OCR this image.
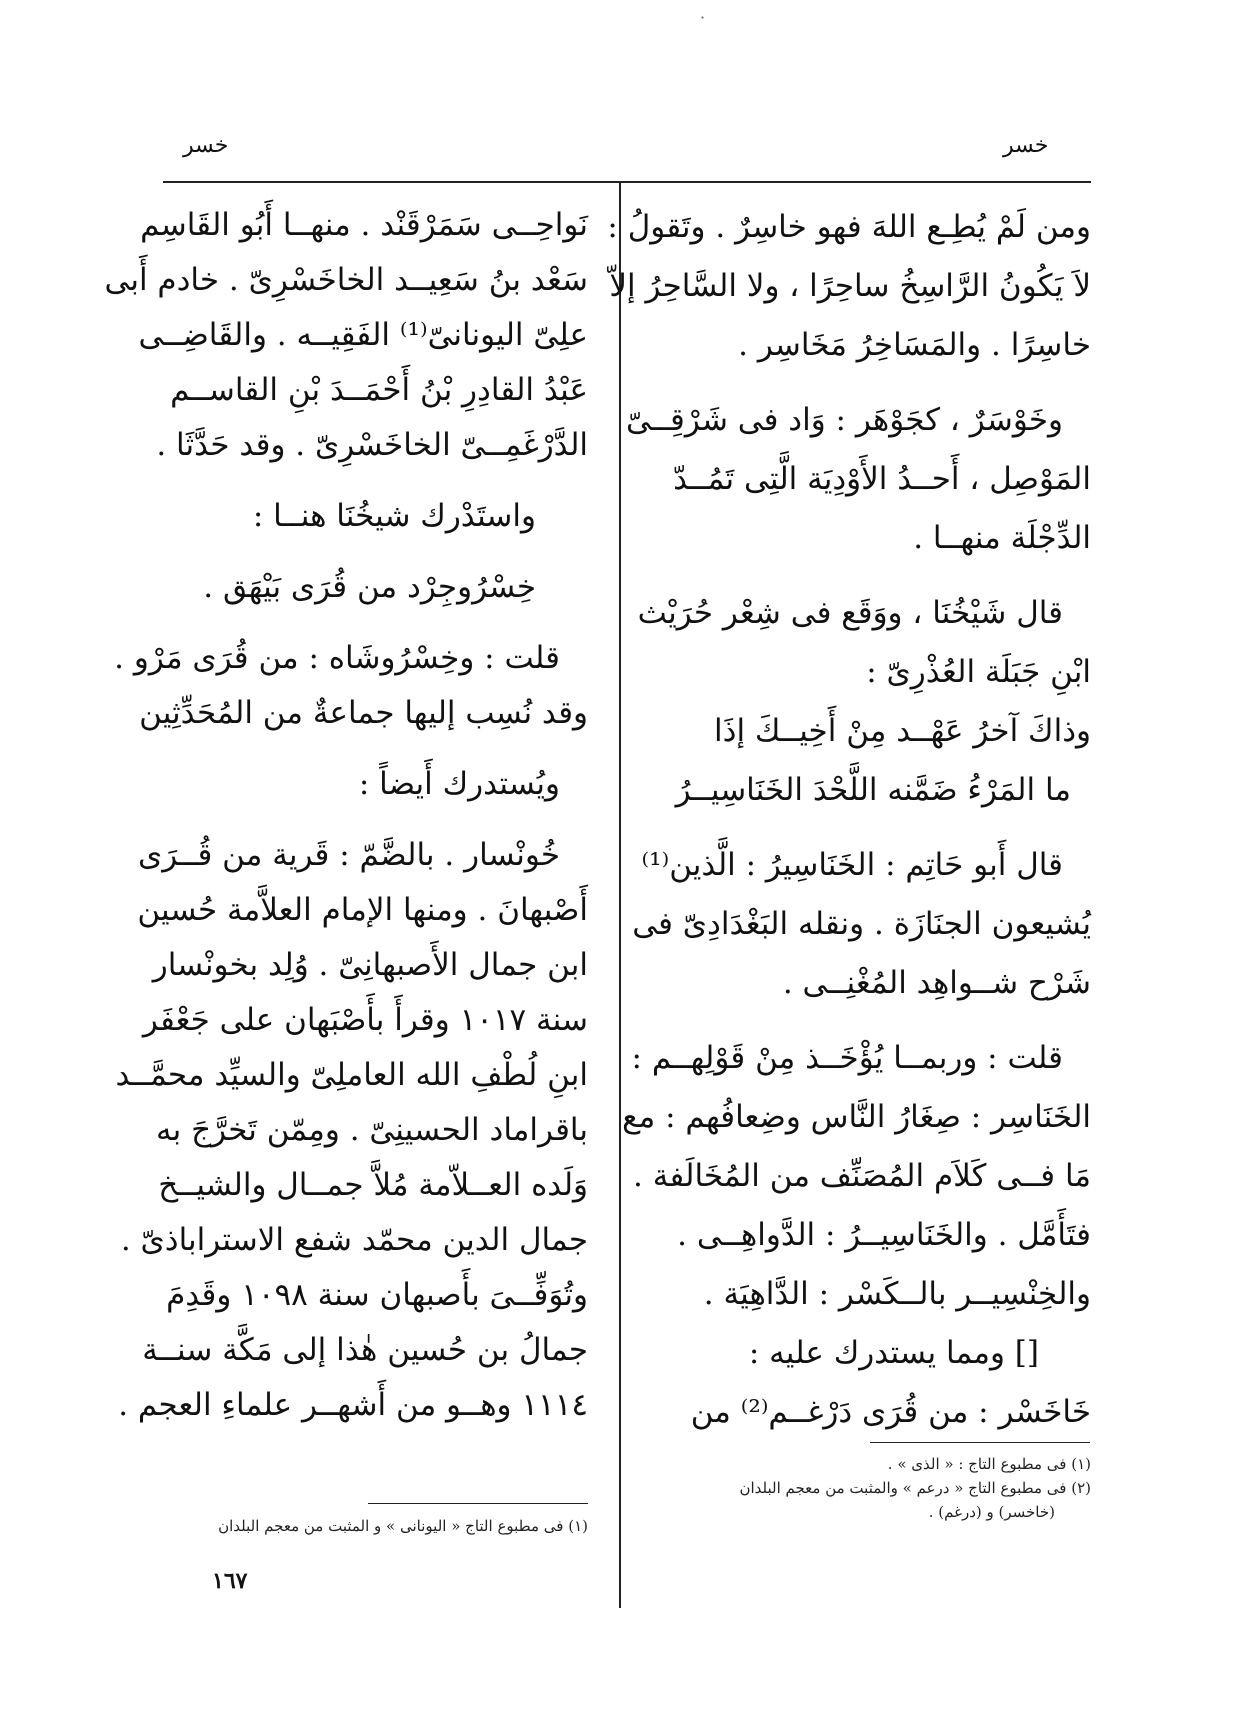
·
خسر	خسر
ومن لَمْ يُطِـع اللهَ فهو خاسِرٌ . وتَقولُ :
لاَ يَكُونُ الرَّاسِخُ ساحِرًا ، ولا السَّاحِرُ إلاّ
خاسِرًا . والمَسَاخِرُ مَخَاسِر .
وخَوْسَرٌ ، كجَوْهَر : وَاد فى شَرْقِــىّ
المَوْصِل ، أَحــدُ الأَوْدِيَة الَّتِى تَمُــدّ
الدِّجْلَة منهــا .
قال شَيْخُنَا ، ووَقَع فى شِعْر حُرَيْث
ابْنِ جَبَلَة العُذْرِىّ :
وذاكَ آخرُ عَهْــد مِنْ أَخِيــكَ إذَا
ما المَرْءُ ضَمَّنه اللَّحْدَ الخَنَاسِيــرُ
قال أَبو حَاتِم : الخَنَاسِيرُ : الَّذين⁽¹⁾
يُشيعون الجنَازَة . ونقله البَغْدَادِىّ فى
شَرْح شــواهِد المُغْنِــى .
قلت : وربمــا يُؤْخَــذ مِنْ قَوْلِهــم :
الخَنَاسِر : صِغَارُ النَّاس وضِعافُهم : مع
مَا فــى كَلاَم المُصَنِّف من المُخَالَفة .
فتَأَمَّل . والخَنَاسِيــرُ : الدَّواهِــى .
والخِنْسِيــر بالــكَسْر : الدَّاهِيَة .
[] ومما يستدرك عليه :
خَاخَسْر : من قُرَى دَرْغــم⁽²⁾ من

(١) فى مطبوع التاج : « الذى » .

(٢) فى مطبوع التاج « درعم » والمثبت من معجم البلدان

(خاخسر) و (درغم) .

نَواحِــى سَمَرْقَنْد . منهــا أَبُو القَاسِم
سَعْد بنُ سَعِيــد الخاخَسْرِىّ . خادم أَبى
علِىّ اليونانىّ⁽¹⁾ الفَقِيــه . والقَاضِــى
عَبْدُ القادِرِ بْنُ أَحْمَــدَ بْنِ القاســم
الدَّرْغَمِــىّ الخاخَسْرِىّ . وقد حَدَّثَا .
واستَدْرك شيخُنَا هنــا :
خِسْرُوجِرْد من قُرَى بَيْهَق .
قلت : وخِسْرُوشَاه : من قُرَى مَرْو .
وقد نُسِب إليها جماعةٌ من المُحَدِّثِين
ويُستدرك أَيضاً :
خُونْسار . بالضَّمّ : قَرية من قُــرَى
أَصْبهانَ . ومنها الإمام العلاَّمة حُسين
ابن جمال الأَصبهانِىّ . وُلِد بخونْسار
سنة ١٠١٧ وقرأَ بأَصْبَهان على جَعْفَر
ابنِ لُطْفِ الله العاملِىّ والسيِّد محمَّــد
باقراماد الحسينِىّ . ومِمّن تَخرَّجَ به
وَلَده العــلاّمة مُلاَّ جمــال والشيــخ
جمال الدين محمّد شفع الاستراباذىّ .
وتُوَفِّــىَ بأَصبهان سنة ١٠٩٨ وقَدِمَ
جمالُ بن حُسين هٰذا إلى مَكَّة سنــة
١١١٤ وهــو من أَشهــر علماءِ العجم .

(١) فى مطبوع التاج « اليونانى » و المثبت من معجم البلدان

١٦٧
